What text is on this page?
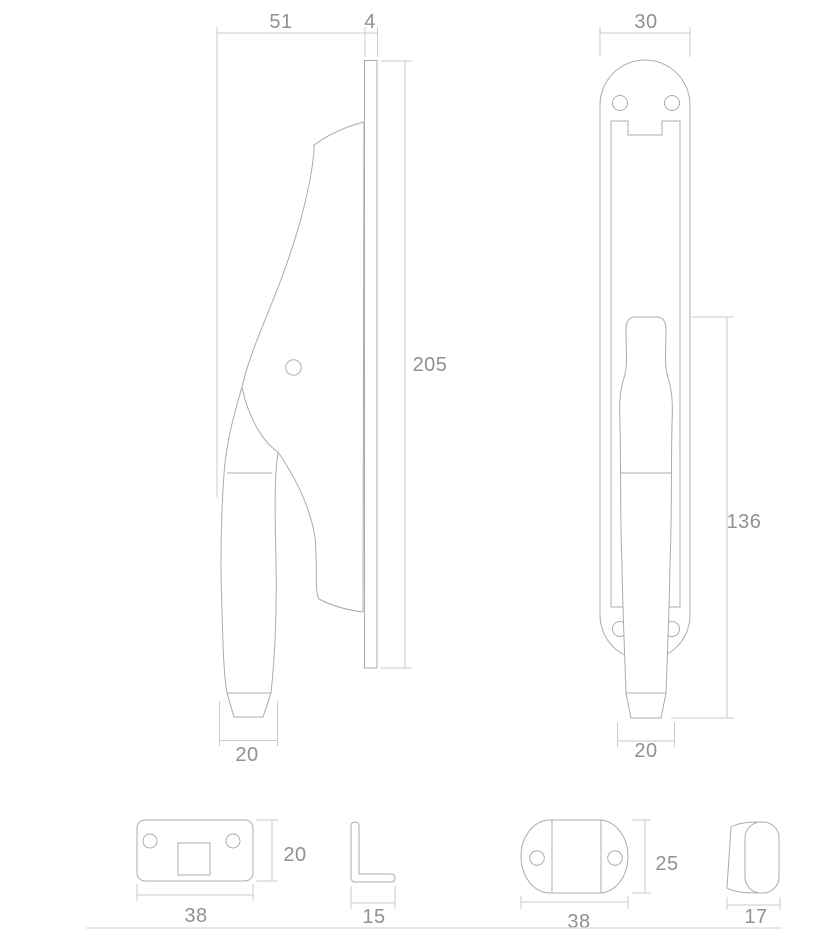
51	4
205
20
30
136
20
20
38	15
25
38	17
